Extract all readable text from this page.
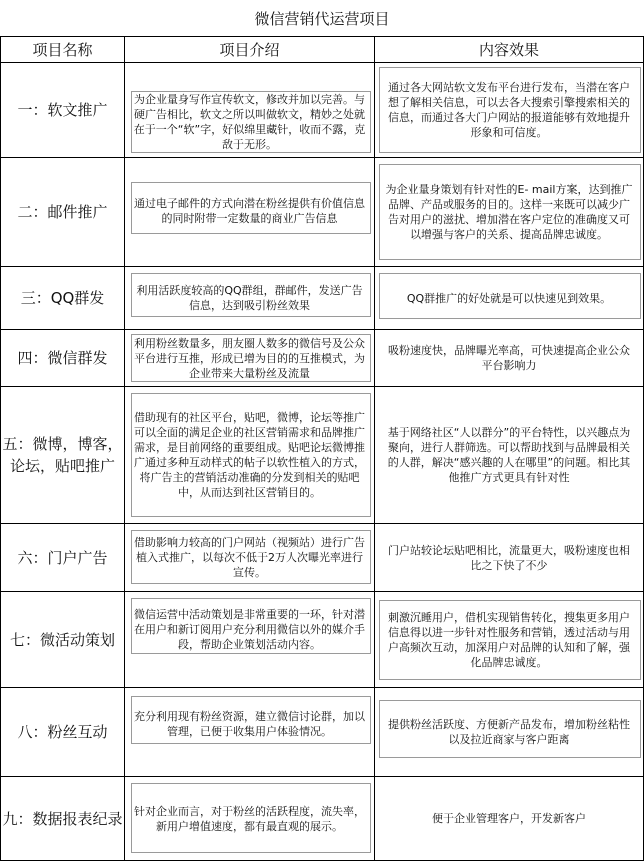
微信营销代运营项目
项目名称	项目介绍	内容效果
一：软文推广	为企业量身写作宣传软文，修改并加以完善。与硬广告相比，软文之所以叫做软文，精妙之处就在于一个“软”字，好似绵里藏针，收而不露，克敌于无形。	通过各大网站软文发布平台进行发布，当潜在客户想了解相关信息，可以去各大搜索引擎搜索相关的信息，而通过各大门户网站的报道能够有效地提升形象和可信度。

二：邮件推广	通过电子邮件的方式向潜在粉丝提供有价值信息的同时附带一定数量的商业广告信息	为企业量身策划有针对性的E- mail方案，达到推广品牌、产品或服务的目的。这样一来既可以减少广告对用户的滋扰、增加潜在客户定位的准确度又可以增强与客户的关系、提高品牌忠诚度。

三：QQ群发	利用活跃度较高的QQ群组，群邮件，发送广告信息，达到吸引粉丝效果	QQ群推广的好处就是可以快速见到效果。

四：微信群发	利用粉丝数量多，朋友圈人数多的微信号及公众平台进行互推，形成已增为目的的互推模式，为企业带来大量粉丝及流量	吸粉速度快，品牌曝光率高，可快速提高企业公众平台影响力

五：微博，博客，论坛，贴吧推广	借助现有的社区平台，贴吧，微博，论坛等推广可以全面的满足企业的社区营销需求和品牌推广需求，是目前网络的重要组成。贴吧论坛微博推广通过多种互动样式的帖子以软性植入的方式，将广告主的营销活动准确的分发到相关的贴吧中，从而达到社区营销目的。	基于网络社区“人以群分”的平台特性，以兴趣点为聚向，进行人群筛选。可以帮助找到与品牌最相关的人群，解决“感兴趣的人在哪里”的问题。相比其他推广方式更具有针对性

六：门户广告	借助影响力较高的门户网站（视频站）进行广告植入式推广，以每次不低于2万人次曝光率进行宣传。	门户站较论坛贴吧相比，流量更大，吸粉速度也相比之下快了不少

七：微活动策划	微信运营中活动策划是非常重要的一环，针对潜在用户和新订阅用户充分利用微信以外的媒介手段，帮助企业策划活动内容。	刺激沉睡用户，借机实现销售转化，搜集更多用户信息得以进一步针对性服务和营销，透过活动与用户高频次互动，加深用户对品牌的认知和了解，强化品牌忠诚度。

八：粉丝互动	充分利用现有粉丝资源，建立微信讨论群，加以管理，已便于收集用户体验情况。	提供粉丝活跃度、方便新产品发布，增加粉丝粘性以及拉近商家与客户距离

九：数据报表纪录	针对企业而言，对于粉丝的活跃程度，流失率，新用户增值速度，都有最直观的展示。	便于企业管理客户，开发新客户
